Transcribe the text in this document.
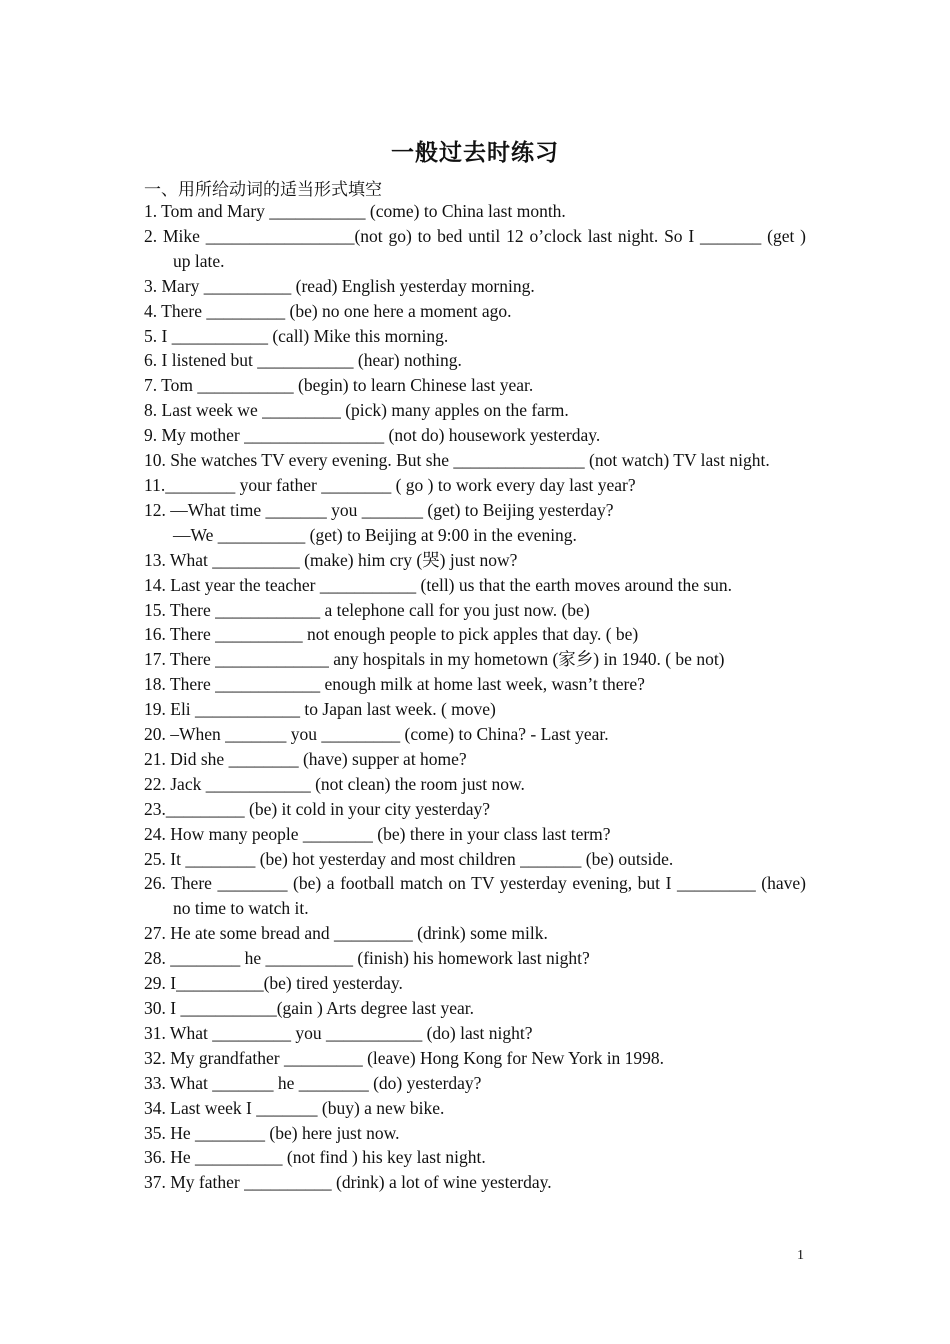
一般过去时练习
一、用所给动词的适当形式填空
1. Tom and Mary ___________ (come) to China last month.
2. Mike _________________(not go) to bed until 12 o’clock last night. So I _______ (get ) up late.
3. Mary __________ (read) English yesterday morning.
4. There _________ (be) no one here a moment ago.
5. I ___________ (call) Mike this morning.
6. I listened but ___________ (hear) nothing.
7. Tom ___________ (begin) to learn Chinese last year.
8. Last week we _________ (pick) many apples on the farm.
9. My mother ________________ (not do) housework yesterday.
10. She watches TV every evening. But she _______________ (not watch) TV last night.
11.________ your father ________ ( go ) to work every day last year?
12. —What time _______ you _______ (get) to Beijing yesterday?
—We __________ (get) to Beijing at 9:00 in the evening.
13. What __________ (make) him cry (哭) just now?
14. Last year the teacher ___________ (tell) us that the earth moves around the sun.
15. There ____________ a telephone call for you just now. (be)
16. There __________ not enough people to pick apples that day. ( be)
17. There _____________ any hospitals in my hometown (家乡) in 1940. ( be not)
18. There ____________ enough milk at home last week, wasn’t there?
19. Eli ____________ to Japan last week. ( move)
20. –When _______ you _________ (come) to China? - Last year.
21. Did she ________ (have) supper at home?
22. Jack ____________ (not clean) the room just now.
23._________ (be) it cold in your city yesterday?
24. How many people ________ (be) there in your class last term?
25. It ________ (be) hot yesterday and most children _______ (be) outside.
26. There ________ (be) a football match on TV yesterday evening, but I _________ (have) no time to watch it.
27. He ate some bread and _________ (drink) some milk.
28. ________ he __________ (finish) his homework last night?
29. I__________(be) tired yesterday.
30. I ___________(gain ) Arts degree last year.
31. What _________ you ___________ (do) last night?
32. My grandfather _________ (leave) Hong Kong for New York in 1998.
33. What _______ he ________ (do) yesterday?
34. Last week I _______ (buy) a new bike.
35. He ________ (be) here just now.
36. He __________ (not find ) his key last night.
37. My father __________ (drink) a lot of wine yesterday.
1
